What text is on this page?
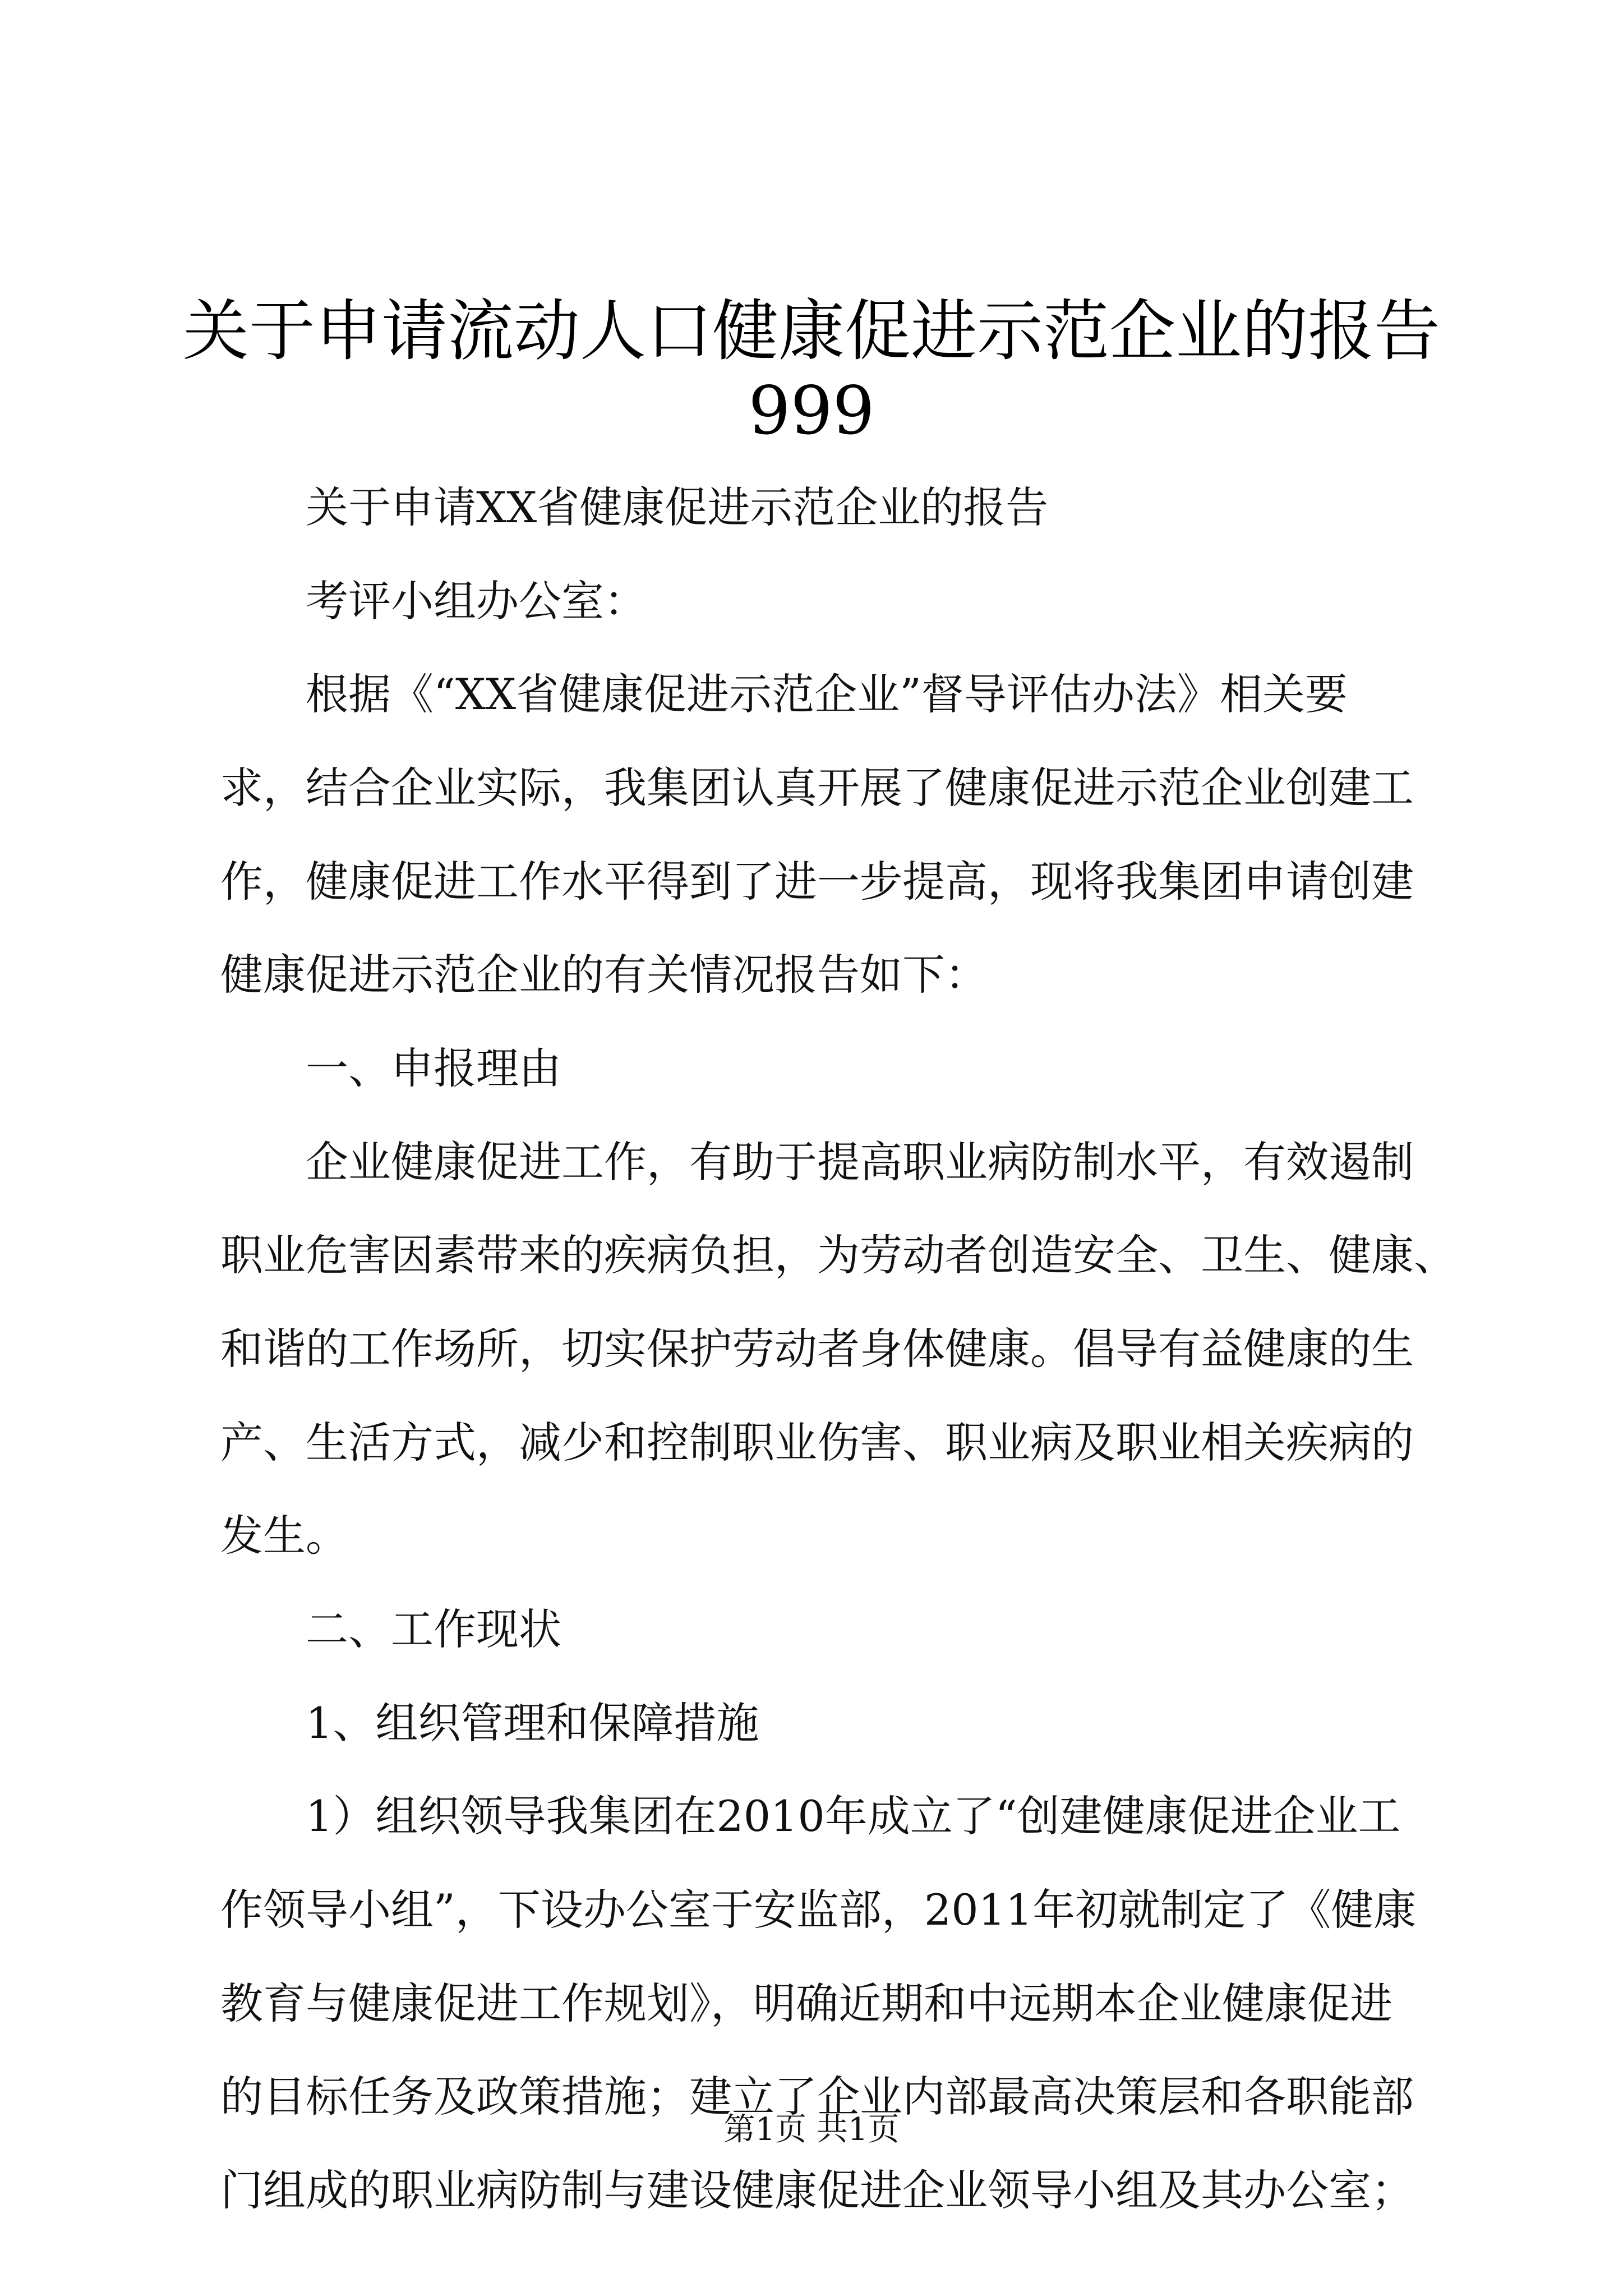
关于申请流动人口健康促进示范企业的报告
999
关于申请XX省健康促进示范企业的报告
考评小组办公室：
根据《“XX省健康促进示范企业”督导评估办法》相关要
求，结合企业实际，我集团认真开展了健康促进示范企业创建工
作，健康促进工作水平得到了进一步提高，现将我集团申请创建
健康促进示范企业的有关情况报告如下：
一、申报理由
企业健康促进工作，有助于提高职业病防制水平，有效遏制
职业危害因素带来的疾病负担，为劳动者创造安全、卫生、健康、
和谐的工作场所，切实保护劳动者身体健康。倡导有益健康的生
产、生活方式，减少和控制职业伤害、职业病及职业相关疾病的
发生。
二、工作现状
1、组织管理和保障措施
1）组织领导我集团在2010年成立了“创建健康促进企业工
作领导小组”，下设办公室于安监部，2011年初就制定了《健康
教育与健康促进工作规划》，明确近期和中远期本企业健康促进
的目标任务及政策措施；建立了企业内部最高决策层和各职能部
门组成的职业病防制与建设健康促进企业领导小组及其办公室；
第1页 共1页
